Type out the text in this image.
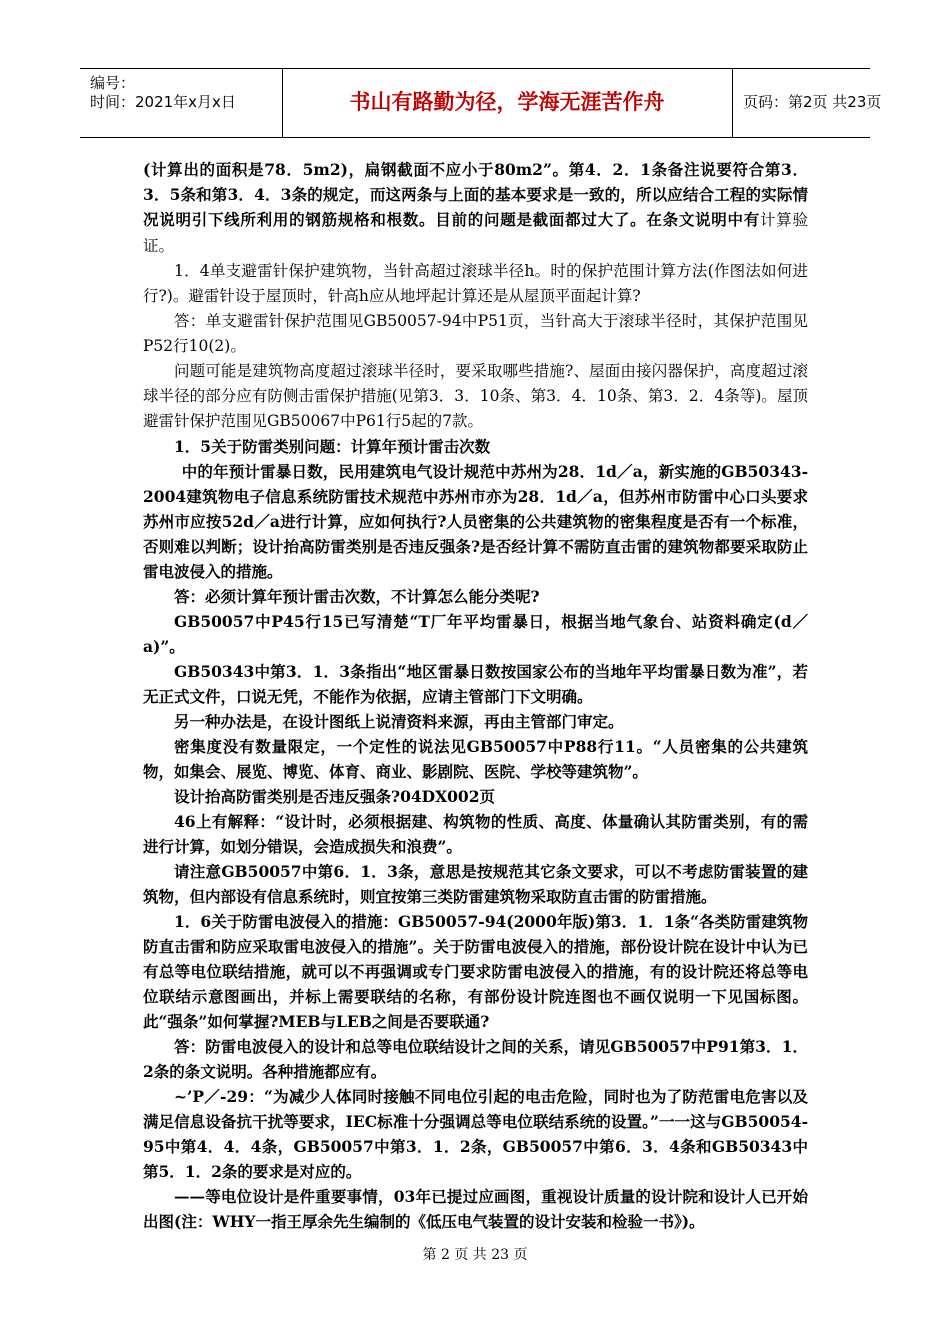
编号：
时间：2021年x月x日	书山有路勤为径，学海无涯苦作舟	页码：第2页 共23页

(计算出的面积是78．5m2)，扁钢截面不应小于80m2”。第4．2．1条备注说要符合第3．3．5条和第3．4．3条的规定，而这两条与上面的基本要求是一致的，所以应结合工程的实际情况说明引下线所利用的钢筋规格和根数。目前的问题是截面都过大了。在条文说明中有计算验证。

1．4单支避雷针保护建筑物，当针高超过滚球半径h。时的保护范围计算方法(作图法如何进行?)。避雷针设于屋顶时，针高h应从地坪起计算还是从屋顶平面起计算?

答：单支避雷针保护范围见GB50057-94中P51页，当针高大于滚球半径时，其保护范围见P52行10(2)。

问题可能是建筑物高度超过滚球半径时，要采取哪些措施?、屋面由接闪器保护，高度超过滚球半径的部分应有防侧击雷保护措施(见第3．3．10条、第3．4．10条、第3．2．4条等)。屋顶避雷针保护范围见GB50067中P61行5起的7款。

1．5关于防雷类别问题：计算年预计雷击次数

中的年预计雷暴日数，民用建筑电气设计规范中苏州为28．1d／a，新实施的GB50343-2004建筑物电子信息系统防雷技术规范中苏州市亦为28．1d／a，但苏州市防雷中心口头要求苏州市应按52d／a进行计算，应如何执行?人员密集的公共建筑物的密集程度是否有一个标准，否则难以判断；设计抬高防雷类别是否违反强条?是否经计算不需防直击雷的建筑物都要采取防止雷电波侵入的措施。

答：必须计算年预计雷击次数，不计算怎么能分类呢?

GB50057中P45行15已写清楚“T厂年平均雷暴日，根据当地气象台、站资料确定(d／a)”。

GB50343中第3．1．3条指出“地区雷暴日数按国家公布的当地年平均雷暴日数为准”，若无正式文件，口说无凭，不能作为依据，应请主管部门下文明确。

另一种办法是，在设计图纸上说清资料来源，再由主管部门审定。

密集度没有数量限定，一个定性的说法见GB50057中P88行11。“人员密集的公共建筑物，如集会、展览、博览、体育、商业、影剧院、医院、学校等建筑物”。

设计抬高防雷类别是否违反强条?04DX002页

46上有解释：“设计时，必须根据建、构筑物的性质、高度、体量确认其防雷类别，有的需进行计算，如划分错误，会造成损失和浪费”。

请注意GB50057中第6．1．3条，意思是按规范其它条文要求，可以不考虑防雷装置的建筑物，但内部设有信息系统时，则宜按第三类防雷建筑物采取防直击雷的防雷措施。

1．6关于防雷电波侵入的措施：GB50057-94(2000年版)第3．1．1条“各类防雷建筑物防直击雷和防应采取雷电波侵入的措施”。关于防雷电波侵入的措施，部份设计院在设计中认为已有总等电位联结措施，就可以不再强调或专门要求防雷电波侵入的措施，有的设计院还将总等电位联结示意图画出，并标上需要联结的名称，有部份设计院连图也不画仅说明一下见国标图。此“强条”如何掌握?MEB与LEB之间是否要联通?

答：防雷电波侵入的设计和总等电位联结设计之间的关系，请见GB50057中P91第3．1．2条的条文说明。各种措施都应有。

~’P／-29：“为减少人体同时接触不同电位引起的电击危险，同时也为了防范雷电危害以及满足信息设备抗干扰等要求，IEC标准十分强调总等电位联结系统的设置。”一一这与GB50054-95中第4．4．4条，GB50057中第3．1．2条，GB50057中第6．3．4条和GB50343中第5．1．2条的要求是对应的。

——等电位设计是件重要事情，03年已提过应画图，重视设计质量的设计院和设计人已开始出图(注：WHY一指王厚余先生编制的《低压电气装置的设计安装和检验一书》)。

第 2 页 共 23 页
